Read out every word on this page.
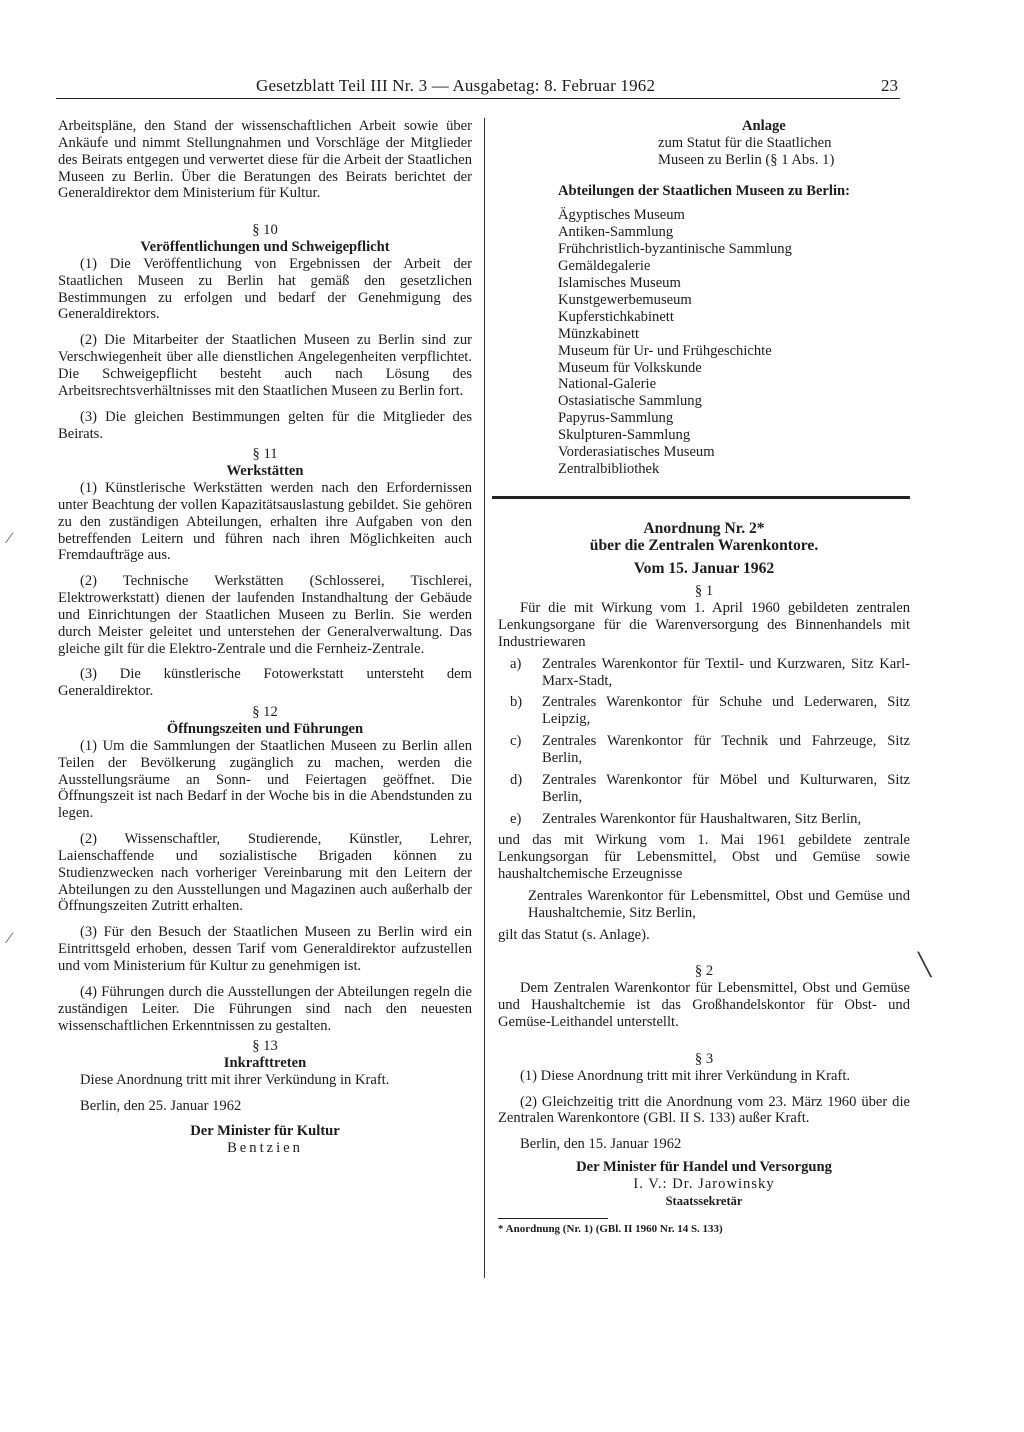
Gesetzblatt Teil III Nr. 3 — Ausgabetag: 8. Februar 1962	23
⁄
⁄
╲

Arbeitspläne, den Stand der wissenschaftlichen Arbeit sowie über Ankäufe und nimmt Stellungnahmen und Vorschläge der Mitglieder des Beirats entgegen und verwertet diese für die Arbeit der Staatlichen Museen zu Berlin. Über die Beratungen des Beirats berichtet der Generaldirektor dem Ministerium für Kultur.

§ 10
Veröffentlichungen und Schweigepflicht

(1) Die Veröffentlichung von Ergebnissen der Arbeit der Staatlichen Museen zu Berlin hat gemäß den gesetzlichen Bestimmungen zu erfolgen und bedarf der Genehmigung des Generaldirektors.

(2) Die Mitarbeiter der Staatlichen Museen zu Berlin sind zur Verschwiegenheit über alle dienstlichen Angelegenheiten verpflichtet. Die Schweigepflicht besteht auch nach Lösung des Arbeitsrechtsverhältnisses mit den Staatlichen Museen zu Berlin fort.

(3) Die gleichen Bestimmungen gelten für die Mitglieder des Beirats.

§ 11
Werkstätten

(1) Künstlerische Werkstätten werden nach den Erfordernissen unter Beachtung der vollen Kapazitätsauslastung gebildet. Sie gehören zu den zuständigen Abteilungen, erhalten ihre Aufgaben von den betreffenden Leitern und führen nach ihren Möglichkeiten auch Fremdaufträge aus.

(2) Technische Werkstätten (Schlosserei, Tischlerei, Elektrowerkstatt) dienen der laufenden Instandhaltung der Gebäude und Einrichtungen der Staatlichen Museen zu Berlin. Sie werden durch Meister geleitet und unterstehen der Generalverwaltung. Das gleiche gilt für die Elektro-Zentrale und die Fernheiz-Zentrale.

(3) Die künstlerische Fotowerkstatt untersteht dem Generaldirektor.

§ 12
Öffnungszeiten und Führungen

(1) Um die Sammlungen der Staatlichen Museen zu Berlin allen Teilen der Bevölkerung zugänglich zu machen, werden die Ausstellungsräume an Sonn- und Feiertagen geöffnet. Die Öffnungszeit ist nach Bedarf in der Woche bis in die Abendstunden zu legen.

(2) Wissenschaftler, Studierende, Künstler, Lehrer, Laienschaffende und sozialistische Brigaden können zu Studienzwecken nach vorheriger Vereinbarung mit den Leitern der Abteilungen zu den Ausstellungen und Magazinen auch außerhalb der Öffnungszeiten Zutritt erhalten.

(3) Für den Besuch der Staatlichen Museen zu Berlin wird ein Eintrittsgeld erhoben, dessen Tarif vom Generaldirektor aufzustellen und vom Ministerium für Kultur zu genehmigen ist.

(4) Führungen durch die Ausstellungen der Abteilungen regeln die zuständigen Leiter. Die Führungen sind nach den neuesten wissenschaftlichen Erkenntnissen zu gestalten.

§ 13
Inkrafttreten

Diese Anordnung tritt mit ihrer Verkündung in Kraft.

Berlin, den 25. Januar 1962

Der Minister für Kultur
Bentzien
Anlage
zum Statut für die Staatlichen
Museen zu Berlin (§ 1 Abs. 1)
Abteilungen der Staatlichen Museen zu Berlin:
Ägyptisches Museum
Antiken-Sammlung
Frühchristlich-byzantinische Sammlung
Gemäldegalerie
Islamisches Museum
Kunstgewerbemuseum
Kupferstichkabinett
Münzkabinett
Museum für Ur- und Frühgeschichte
Museum für Volkskunde
National-Galerie
Ostasiatische Sammlung
Papyrus-Sammlung
Skulpturen-Sammlung
Vorderasiatisches Museum
Zentralbibliothek
Anordnung Nr. 2*
über die Zentralen Warenkontore.
Vom 15. Januar 1962
§ 1

Für die mit Wirkung vom 1. April 1960 gebildeten zentralen Lenkungsorgane für die Warenversorgung des Binnenhandels mit Industriewaren

a)	Zentrales Warenkontor für Textil- und Kurzwaren, Sitz Karl-Marx-Stadt,
b)	Zentrales Warenkontor für Schuhe und Lederwaren, Sitz Leipzig,
c)	Zentrales Warenkontor für Technik und Fahrzeuge, Sitz Berlin,
d)	Zentrales Warenkontor für Möbel und Kulturwaren, Sitz Berlin,
e)	Zentrales Warenkontor für Haushaltwaren, Sitz Berlin,

und das mit Wirkung vom 1. Mai 1961 gebildete zentrale Lenkungsorgan für Lebensmittel, Obst und Gemüse sowie haushaltchemische Erzeugnisse

Zentrales Warenkontor für Lebensmittel, Obst und Gemüse und Haushaltchemie, Sitz Berlin,

gilt das Statut (s. Anlage).

§ 2

Dem Zentralen Warenkontor für Lebensmittel, Obst und Gemüse und Haushaltchemie ist das Großhandelskontor für Obst- und Gemüse-Leithandel unterstellt.

§ 3

(1) Diese Anordnung tritt mit ihrer Verkündung in Kraft.

(2) Gleichzeitig tritt die Anordnung vom 23. März 1960 über die Zentralen Warenkontore (GBl. II S. 133) außer Kraft.

Berlin, den 15. Januar 1962

Der Minister für Handel und Versorgung
I. V.: Dr. Jarowinsky
Staatssekretär
* Anordnung (Nr. 1) (GBl. II 1960 Nr. 14 S. 133)
